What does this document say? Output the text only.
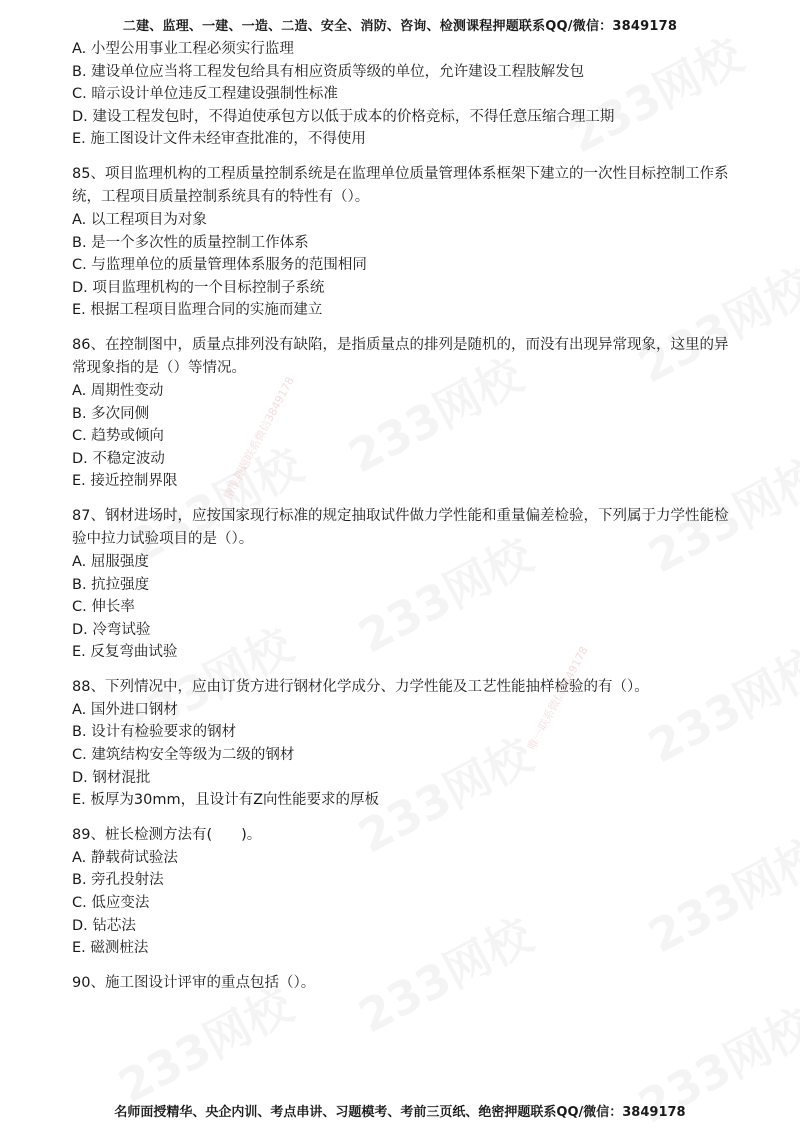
精准押题联系微信3849178
唯一联系微信3849178
二建、监理、一建、一造、二造、安全、消防、咨询、检测课程押题联系QQ/微信：3849178
A. 小型公用事业工程必须实行监理
B. 建设单位应当将工程发包给具有相应资质等级的单位，允许建设工程肢解发包
C. 暗示设计单位违反工程建设强制性标准
D. 建设工程发包时，不得迫使承包方以低于成本的价格竞标，不得任意压缩合理工期
E. 施工图设计文件未经审查批准的，不得使用
85、项目监理机构的工程质量控制系统是在监理单位质量管理体系框架下建立的一次性目标控制工作系统，工程项目质量控制系统具有的特性有（）。
A. 以工程项目为对象
B. 是一个多次性的质量控制工作体系
C. 与监理单位的质量管理体系服务的范围相同
D. 项目监理机构的一个目标控制子系统
E. 根据工程项目监理合同的实施而建立
86、在控制图中，质量点排列没有缺陷，是指质量点的排列是随机的，而没有出现异常现象，这里的异常现象指的是（）等情况。
A. 周期性变动
B. 多次同侧
C. 趋势或倾向
D. 不稳定波动
E. 接近控制界限
87、钢材进场时，应按国家现行标准的规定抽取试件做力学性能和重量偏差检验，下列属于力学性能检验中拉力试验项目的是（）。
A. 屈服强度
B. 抗拉强度
C. 伸长率
D. 冷弯试验
E. 反复弯曲试验
88、下列情况中，应由订货方进行钢材化学成分、力学性能及工艺性能抽样检验的有（）。
A. 国外进口钢材
B. 设计有检验要求的钢材
C. 建筑结构安全等级为二级的钢材
D. 钢材混批
E. 板厚为30mm，且设计有Z向性能要求的厚板
89、桩长检测方法有(　　)。
A. 静载荷试验法
B. 旁孔投射法
C. 低应变法
D. 钻芯法
E. 磁测桩法
90、施工图设计评审的重点包括（）。
名师面授精华、央企内训、考点串讲、习题模考、考前三页纸、绝密押题联系QQ/微信：3849178
